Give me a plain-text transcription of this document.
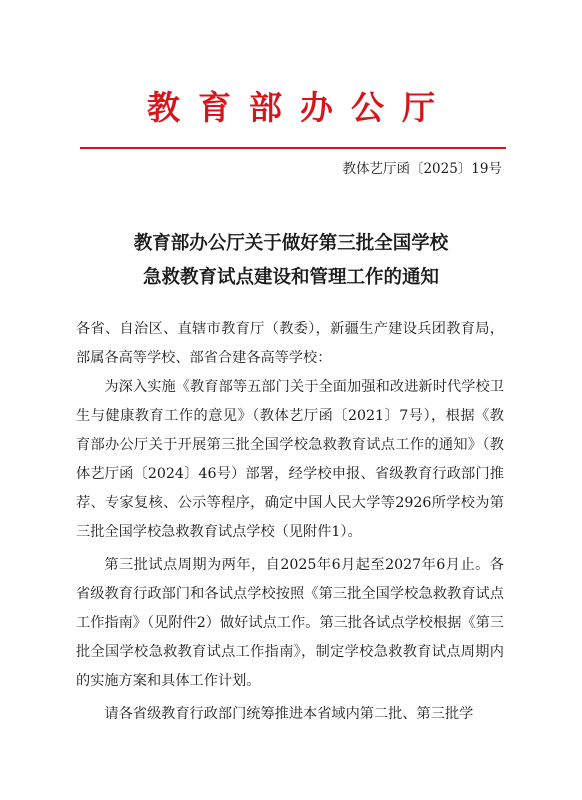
教育部办公厅
教体艺厅函〔2025〕19号
教育部办公厅关于做好第三批全国学校
急救教育试点建设和管理工作的通知

各省、自治区、直辖市教育厅（教委），新疆生产建设兵团教育局，部属各高等学校、部省合建各高等学校：

为深入实施《教育部等五部门关于全面加强和改进新时代学校卫生与健康教育工作的意见》（教体艺厅函〔2021〕7号），根据《教育部办公厅关于开展第三批全国学校急救教育试点工作的通知》（教体艺厅函〔2024〕46号）部署，经学校申报、省级教育行政部门推荐、专家复核、公示等程序，确定中国人民大学等2926所学校为第三批全国学校急救教育试点学校（见附件1）。

第三批试点周期为两年，自2025年6月起至2027年6月止。各省级教育行政部门和各试点学校按照《第三批全国学校急救教育试点工作指南》（见附件2）做好试点工作。第三批各试点学校根据《第三批全国学校急救教育试点工作指南》，制定学校急救教育试点周期内的实施方案和具体工作计划。

请各省级教育行政部门统筹推进本省域内第二批、第三批学
